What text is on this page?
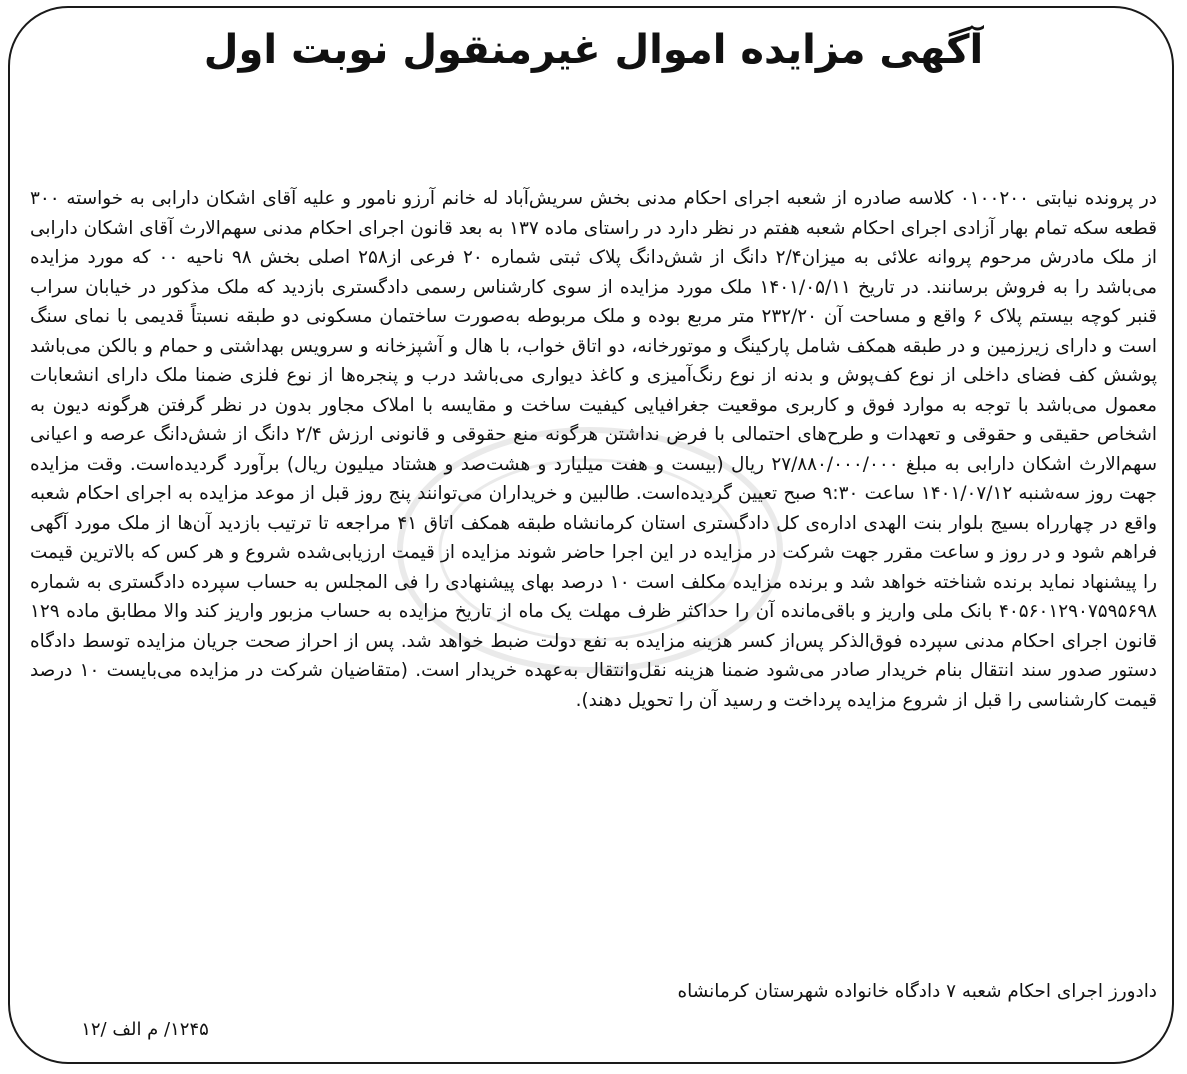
آگهی مزایده اموال غیرمنقول نوبت اول

در پرونده نیابتی ۰۱۰۰۲۰۰ کلاسه صادره از شعبه اجرای احکام مدنی بخش سریش‌آباد له خانم آرزو نامور و علیه آقای اشکان دارابی به خواسته ۳۰۰ قطعه سکه تمام بهار آزادی اجرای احکام شعبه هفتم در نظر دارد در راستای ماده ۱۳۷ به بعد قانون اجرای احکام مدنی سهم‌الارث آقای اشکان دارابی از ملک مادرش مرحوم پروانه علائی به میزان۲/۴ دانگ از شش‌دانگ پلاک ثبتی شماره ۲۰ فرعی از۲۵۸ اصلی بخش ۹۸ ناحیه ۰۰ که مورد مزایده می‌باشد را به فروش برسانند. در تاریخ ۱۴۰۱/۰۵/۱۱ ملک مورد مزایده از سوی کارشناس رسمی دادگستری بازدید که ملک مذکور در خیابان سراب قنبر کوچه بیستم پلاک ۶ واقع و مساحت آن ۲۳۲/۲۰ متر مربع بوده و ملک مربوطه به‌صورت ساختمان مسکونی دو طبقه نسبتاً قدیمی با نمای سنگ است و دارای زیرزمین و در طبقه همکف شامل پارکینگ و موتورخانه، دو اتاق خواب، با هال و آشپزخانه و سرویس بهداشتی و حمام و بالکن می‌باشد پوشش کف فضای داخلی از نوع کف‌پوش و بدنه از نوع رنگ‌آمیزی و کاغذ دیواری می‌باشد درب و پنجره‌ها از نوع فلزی ضمنا ملک دارای انشعابات معمول می‌باشد با توجه به موارد فوق و کاربری موقعیت جغرافیایی کیفیت ساخت و مقایسه با املاک مجاور بدون در نظر گرفتن هرگونه دیون به اشخاص حقیقی و حقوقی و تعهدات و طرح‌های احتمالی با فرض نداشتن هرگونه منع حقوقی و قانونی ارزش ۲/۴ دانگ از شش‌دانگ عرصه و اعیانی سهم‌الارث اشکان دارابی به مبلغ ۲۷/۸۸۰/۰۰۰/۰۰۰ ریال (بیست و هفت میلیارد و هشت‌صد و هشتاد میلیون ریال) برآورد گردیده‌است. وقت مزایده جهت روز سه‌شنبه ۱۴۰۱/۰۷/۱۲ ساعت ۹:۳۰ صبح تعیین گردیده‌است. طالبین و خریداران می‌توانند پنج روز قبل از موعد مزایده به اجرای احکام شعبه واقع در چهارراه بسیج بلوار بنت الهدی اداره‌ی کل دادگستری استان کرمانشاه طبقه همکف اتاق ۴۱ مراجعه تا ترتیب بازدید آن‌ها از ملک مورد آگهی فراهم شود و در روز و ساعت مقرر جهت شرکت در مزایده در این اجرا حاضر شوند مزایده از قیمت ارزیابی‌شده شروع و هر کس که بالاترین قیمت را پیشنهاد نماید برنده شناخته خواهد شد و برنده مزایده مکلف است ۱۰ درصد بهای پیشنهادی را فی المجلس به حساب سپرده دادگستری به شماره ۴۰۵۶۰۱۲۹۰۷۵۹۵۶۹۸ بانک ملی واریز و باقی‌مانده آن را حداکثر ظرف مهلت یک ماه از تاریخ مزایده به حساب مزبور واریز کند والا مطابق ماده ۱۲۹ قانون اجرای احکام مدنی سپرده فوق‌الذکر پس‌از کسر هزینه مزایده به نفع دولت ضبط خواهد شد. پس از احراز صحت جریان مزایده توسط دادگاه دستور صدور سند انتقال بنام خریدار صادر می‌شود ضمنا هزینه نقل‌وانتقال به‌عهده خریدار است. (متقاضیان شرکت در مزایده می‌بایست ۱۰ درصد قیمت کارشناسی را قبل از شروع مزایده پرداخت و رسید آن را تحویل دهند).

دادورز اجرای احکام شعبه ۷ دادگاه خانواده شهرستان کرمانشاه
۱۲۴۵/ م الف /۱۲
